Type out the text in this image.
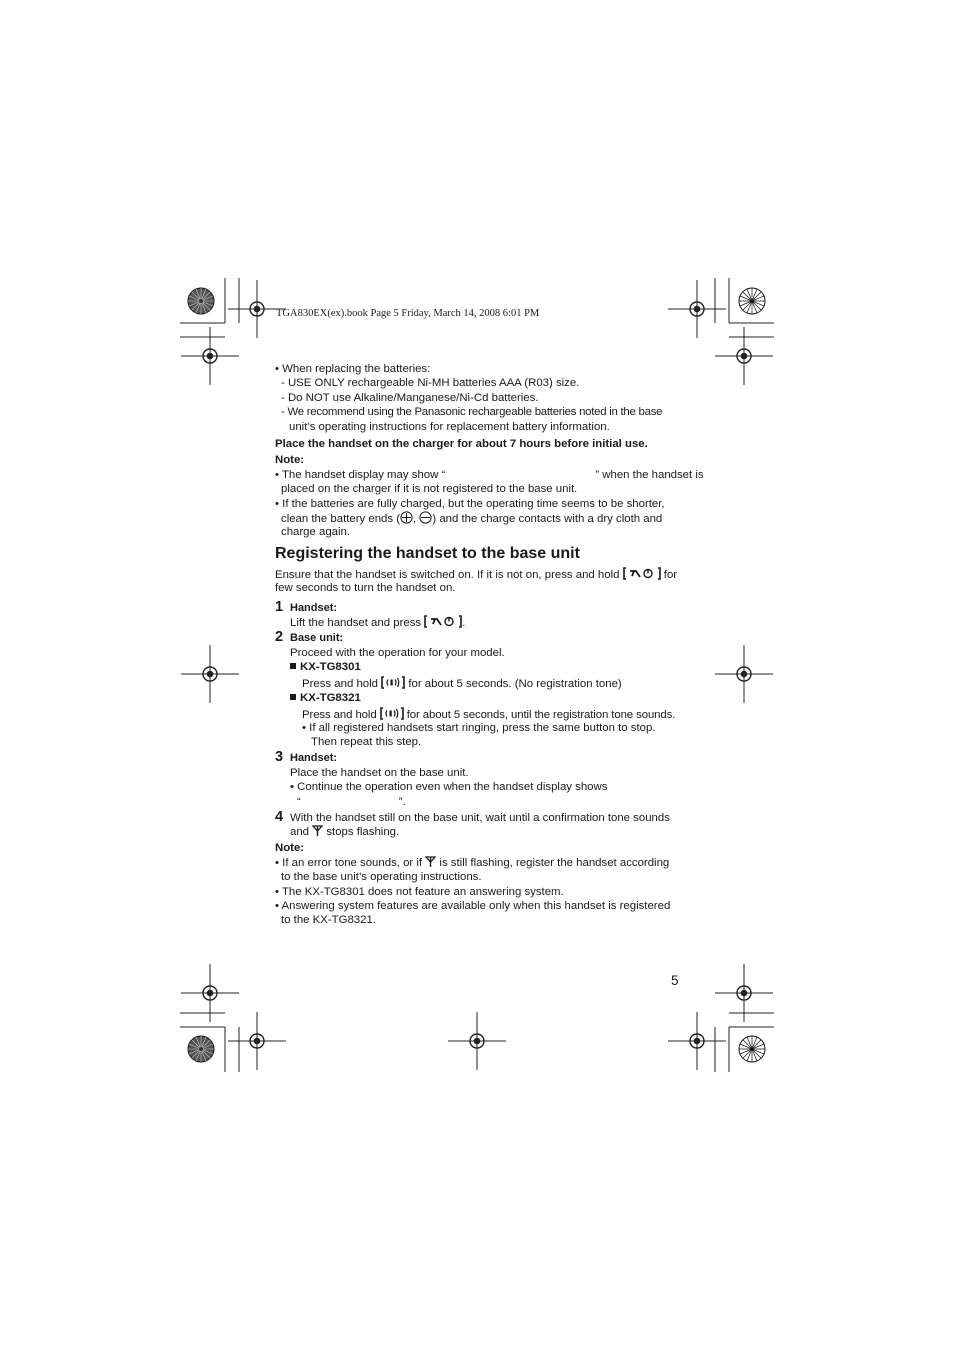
TGA830EX(ex).book Page 5 Friday, March 14, 2008 6:01 PM
• When replacing the batteries:
- USE ONLY rechargeable Ni-MH batteries AAA (R03) size.
- Do NOT use Alkaline/Manganese/Ni-Cd batteries.
- We recommend using the Panasonic rechargeable batteries noted in the base
unit’s operating instructions for replacement battery information.
Place the handset on the charger for about 7 hours before initial use.
Note:
• The handset display may show “	” when the handset is
placed on the charger if it is not registered to the base unit.
• If the batteries are fully charged, but the operating time seems to be shorter,
clean the battery ends ( , ) and the charge contacts with a dry cloth and
charge again.
Registering the handset to the base unit
Ensure that the handset is switched on. If it is not on, press and hold	for
few seconds to turn the handset on.
1 Handset:
Lift the handset and press	.
2 Base unit:
Proceed with the operation for your model.
KX-TG8301
Press and hold  for about 5 seconds. (No registration tone)
KX-TG8321
Press and hold  for about 5 seconds, until the registration tone sounds.
• If all registered handsets start ringing, press the same button to stop.
Then repeat this step.
3 Handset:
Place the handset on the base unit.
• Continue the operation even when the handset display shows
“	”.
4 With the handset still on the base unit, wait until a confirmation tone sounds
and  stops flashing.
Note:
• If an error tone sounds, or if  is still flashing, register the handset according
to the base unit’s operating instructions.
• The KX-TG8301 does not feature an answering system.
• Answering system features are available only when this handset is registered
to the KX-TG8321.
5
